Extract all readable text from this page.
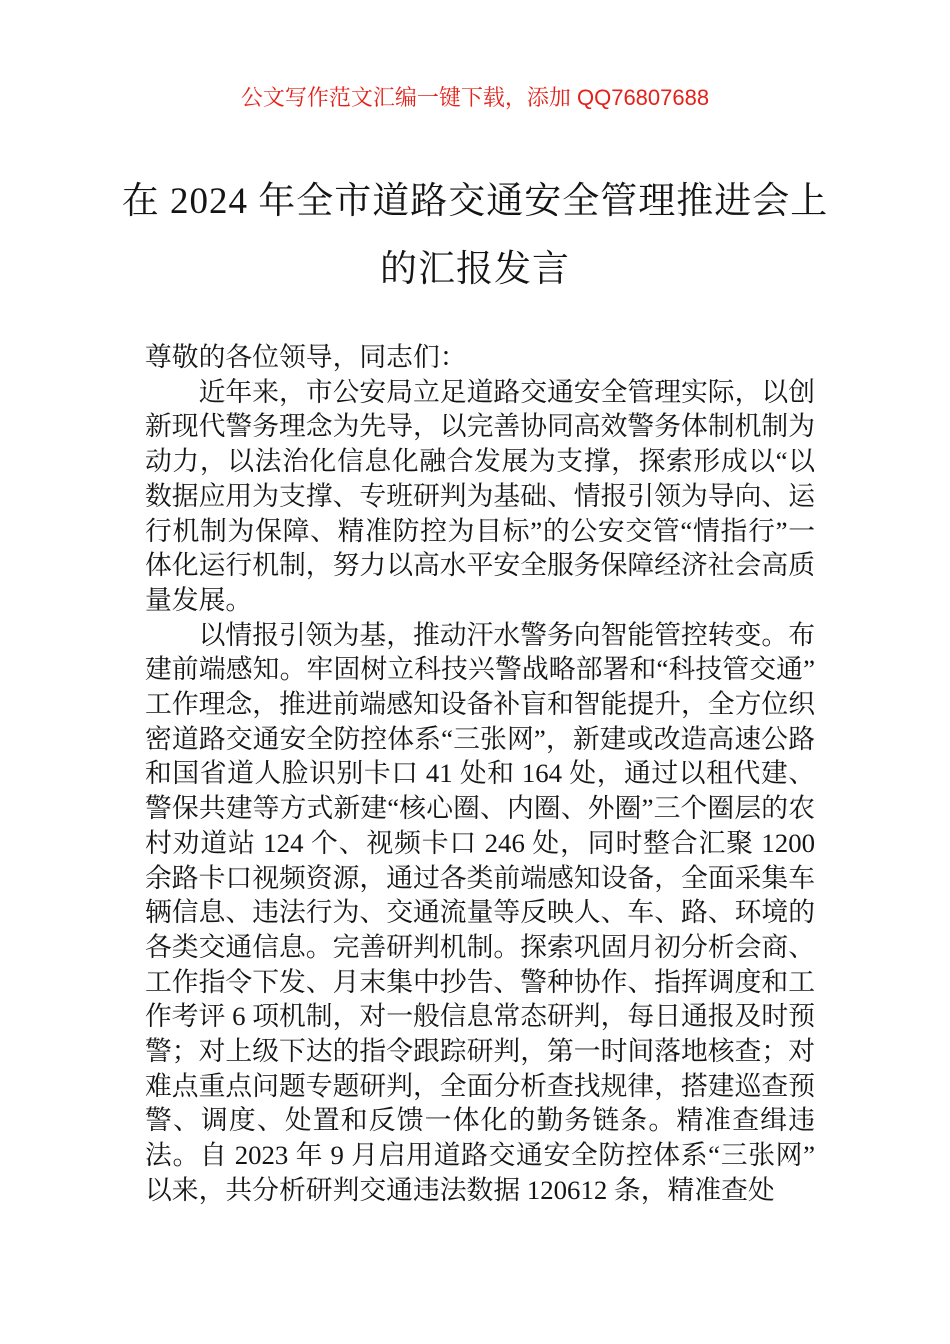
公文写作范文汇编一键下载，添加 QQ76807688
在 2024 年全市道路交通安全管理推进会上
的汇报发言

尊敬的各位领导，同志们：

近年来，市公安局立足道路交通安全管理实际，以创新现代警务理念为先导，以完善协同高效警务体制机制为动力，以法治化信息化融合发展为支撑，探索形成以“以数据应用为支撑、专班研判为基础、情报引领为导向、运行机制为保障、精准防控为目标”的公安交管“情指行”一体化运行机制，努力以高水平安全服务保障经济社会高质量发展。

以情报引领为基，推动汗水警务向智能管控转变。布建前端感知。牢固树立科技兴警战略部署和“科技管交通”工作理念，推进前端感知设备补盲和智能提升，全方位织密道路交通安全防控体系“三张网”，新建或改造高速公路和国省道人脸识别卡口 41 处和 164 处，通过以租代建、警保共建等方式新建“核心圈、内圈、外圈”三个圈层的农村劝道站 124 个、视频卡口 246 处，同时整合汇聚 1200 余路卡口视频资源，通过各类前端感知设备，全面采集车辆信息、违法行为、交通流量等反映人、车、路、环境的各类交通信息。完善研判机制。探索巩固月初分析会商、工作指令下发、月末集中抄告、警种协作、指挥调度和工作考评 6 项机制，对一般信息常态研判，每日通报及时预警；对上级下达的指令跟踪研判，第一时间落地核查；对难点重点问题专题研判，全面分析查找规律，搭建巡查预警、调度、处置和反馈一体化的勤务链条。精准查缉违法。自 2023 年 9 月启用道路交通安全防控体系“三张网”以来，共分析研判交通违法数据 120612 条，精准查处
